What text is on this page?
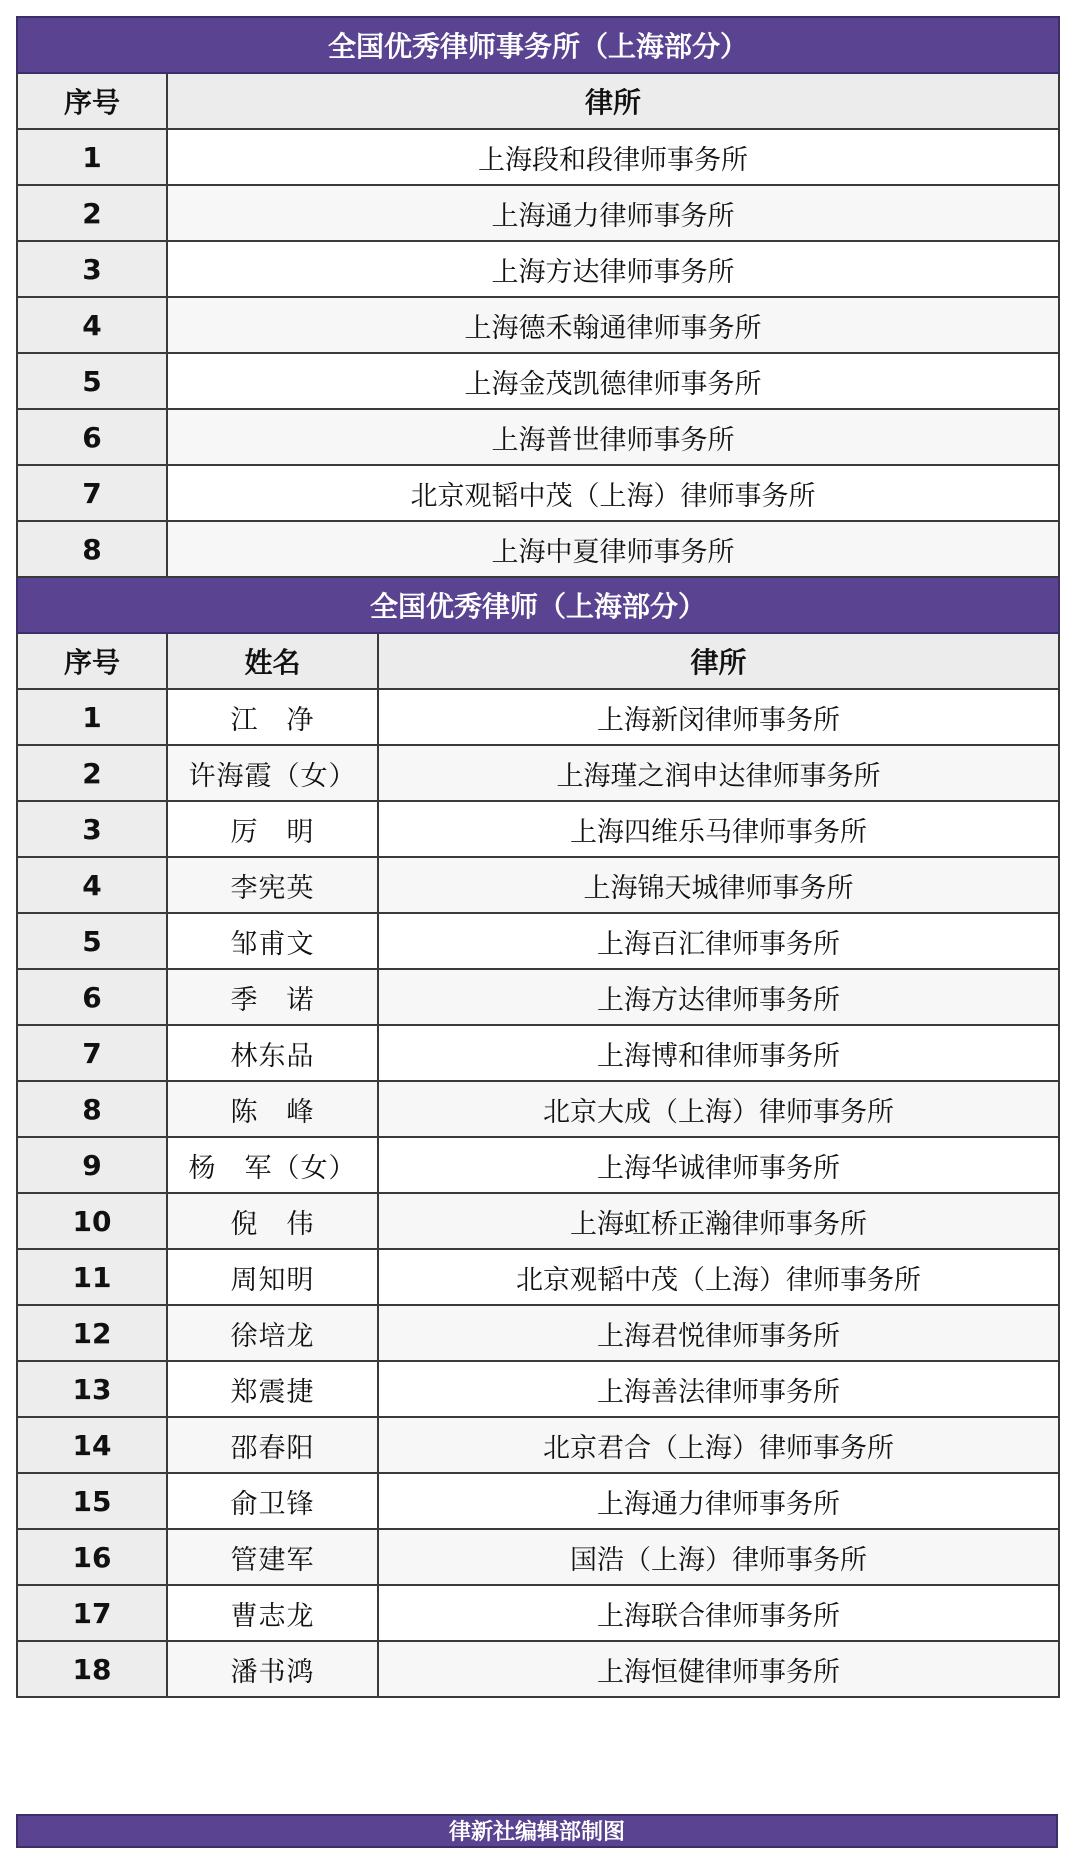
全国优秀律师事务所（上海部分）		
序号	律所	
1	上海段和段律师事务所	
2	上海通力律师事务所	
3	上海方达律师事务所	
4	上海德禾翰通律师事务所	
5	上海金茂凯德律师事务所	
6	上海普世律师事务所	
7	北京观韬中茂（上海）律师事务所	
8	上海中夏律师事务所	
全国优秀律师（上海部分）		
序号	姓名	律所
1	江　净	上海新闵律师事务所
2	许海霞（女）	上海瑾之润申达律师事务所
3	厉　明	上海四维乐马律师事务所
4	李宪英	上海锦天城律师事务所
5	邹甫文	上海百汇律师事务所
6	季　诺	上海方达律师事务所
7	林东品	上海博和律师事务所
8	陈　峰	北京大成（上海）律师事务所
9	杨　军（女）	上海华诚律师事务所
10	倪　伟	上海虹桥正瀚律师事务所
11	周知明	北京观韬中茂（上海）律师事务所
12	徐培龙	上海君悦律师事务所
13	郑震捷	上海善法律师事务所
14	邵春阳	北京君合（上海）律师事务所
15	俞卫锋	上海通力律师事务所
16	管建军	国浩（上海）律师事务所
17	曹志龙	上海联合律师事务所
18	潘书鸿	上海恒健律师事务所
律新社编辑部制图
